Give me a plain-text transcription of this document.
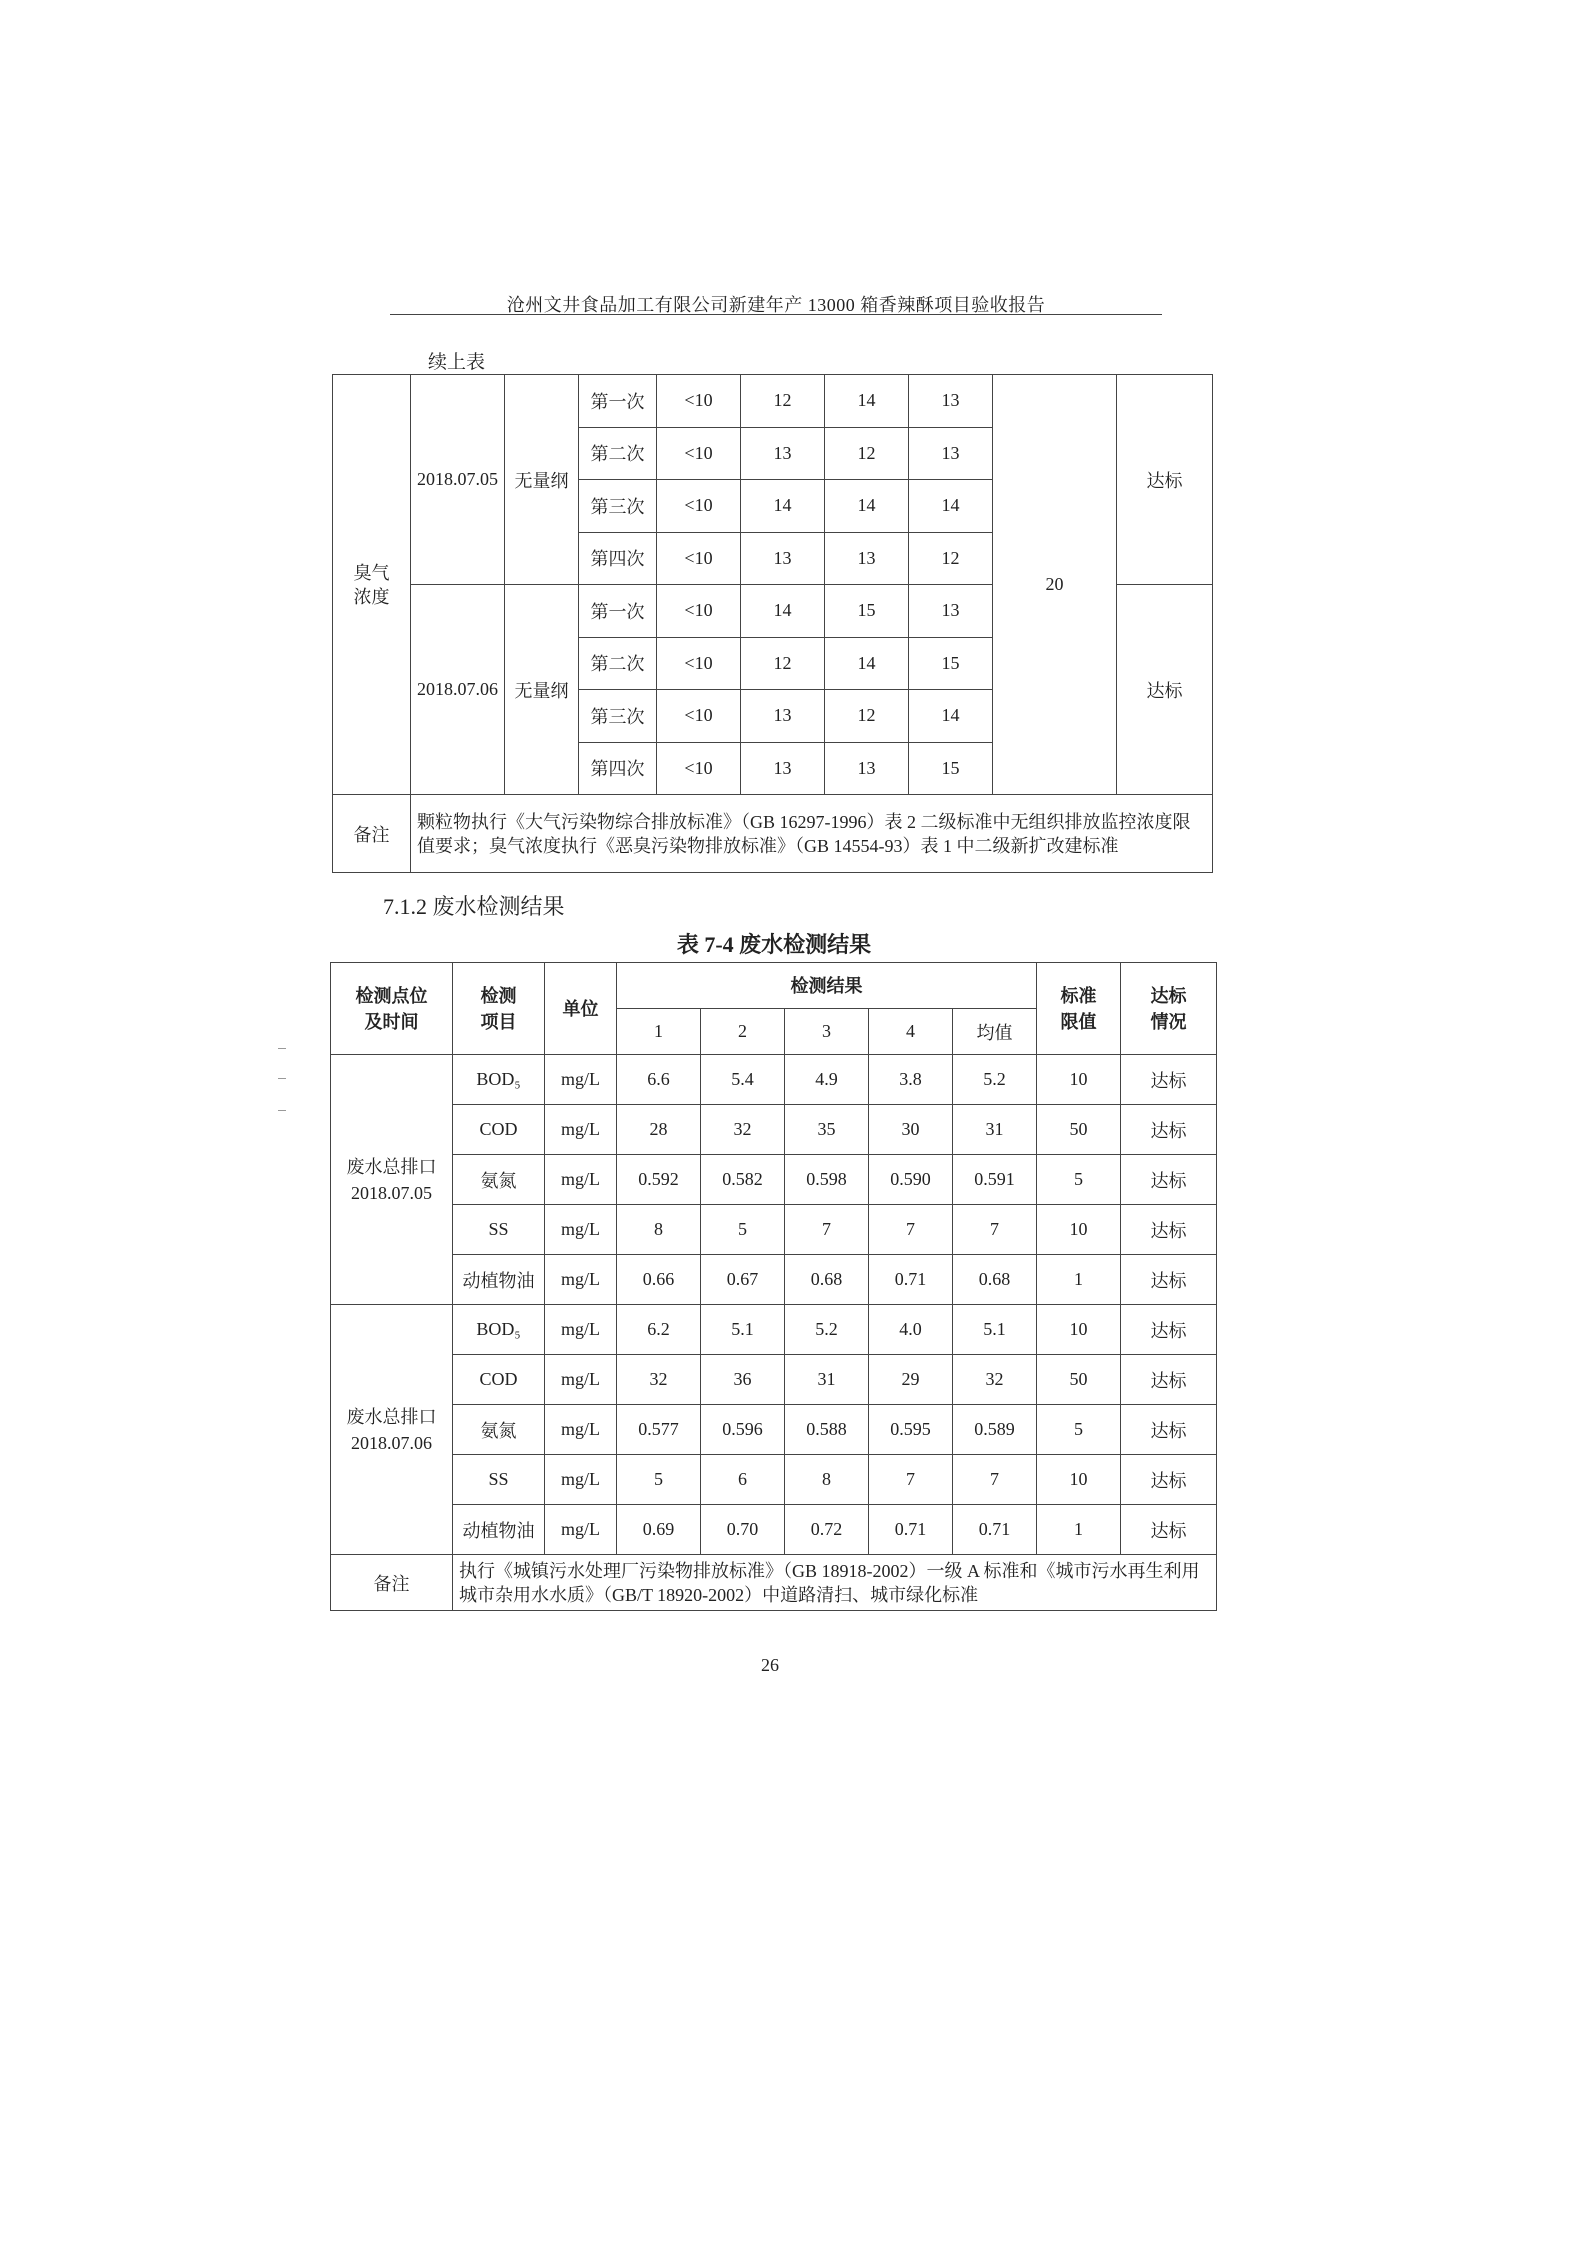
沧州文井食品加工有限公司新建年产 13000 箱香辣酥项目验收报告
续上表
臭气浓度	2018.07.05	无量纲	第一次	<10	12	14	13	20	达标
			第二次	<10	13	12	13		
			第三次	<10	14	14	14		
			第四次	<10	13	13	12		
	2018.07.06	无量纲	第一次	<10	14	15	13		达标
			第二次	<10	12	14	15		
			第三次	<10	13	12	14		
			第四次	<10	13	13	15		
备注	颗粒物执行《大气污染物综合排放标准》（GB 16297-1996）表 2 二级标准中无组织排放监控浓度限值要求；臭气浓度执行《恶臭污染物排放标准》（GB 14554-93）表 1 中二级新扩改建标准								
7.1.2 废水检测结果
表 7-4 废水检测结果
检测点位及时间	检测项目	单位	检测结果					标准限值	达标情况
			1	2	3	4	均值		
废水总排口
2018.07.05	BOD₅	mg/L	6.6	5.4	4.9	3.8	5.2	10	达标
	COD	mg/L	28	32	35	30	31	50	达标
	氨氮	mg/L	0.592	0.582	0.598	0.590	0.591	5	达标
	SS	mg/L	8	5	7	7	7	10	达标
	动植物油	mg/L	0.66	0.67	0.68	0.71	0.68	1	达标
废水总排口
2018.07.06	BOD₅	mg/L	6.2	5.1	5.2	4.0	5.1	10	达标
	COD	mg/L	32	36	31	29	32	50	达标
	氨氮	mg/L	0.577	0.596	0.588	0.595	0.589	5	达标
	SS	mg/L	5	6	8	7	7	10	达标
	动植物油	mg/L	0.69	0.70	0.72	0.71	0.71	1	达标
备注	执行《城镇污水处理厂污染物排放标准》（GB 18918-2002）一级 A 标准和《城市污水再生利用 城市杂用水水质》（GB/T 18920-2002）中道路清扫、城市绿化标准								
26
